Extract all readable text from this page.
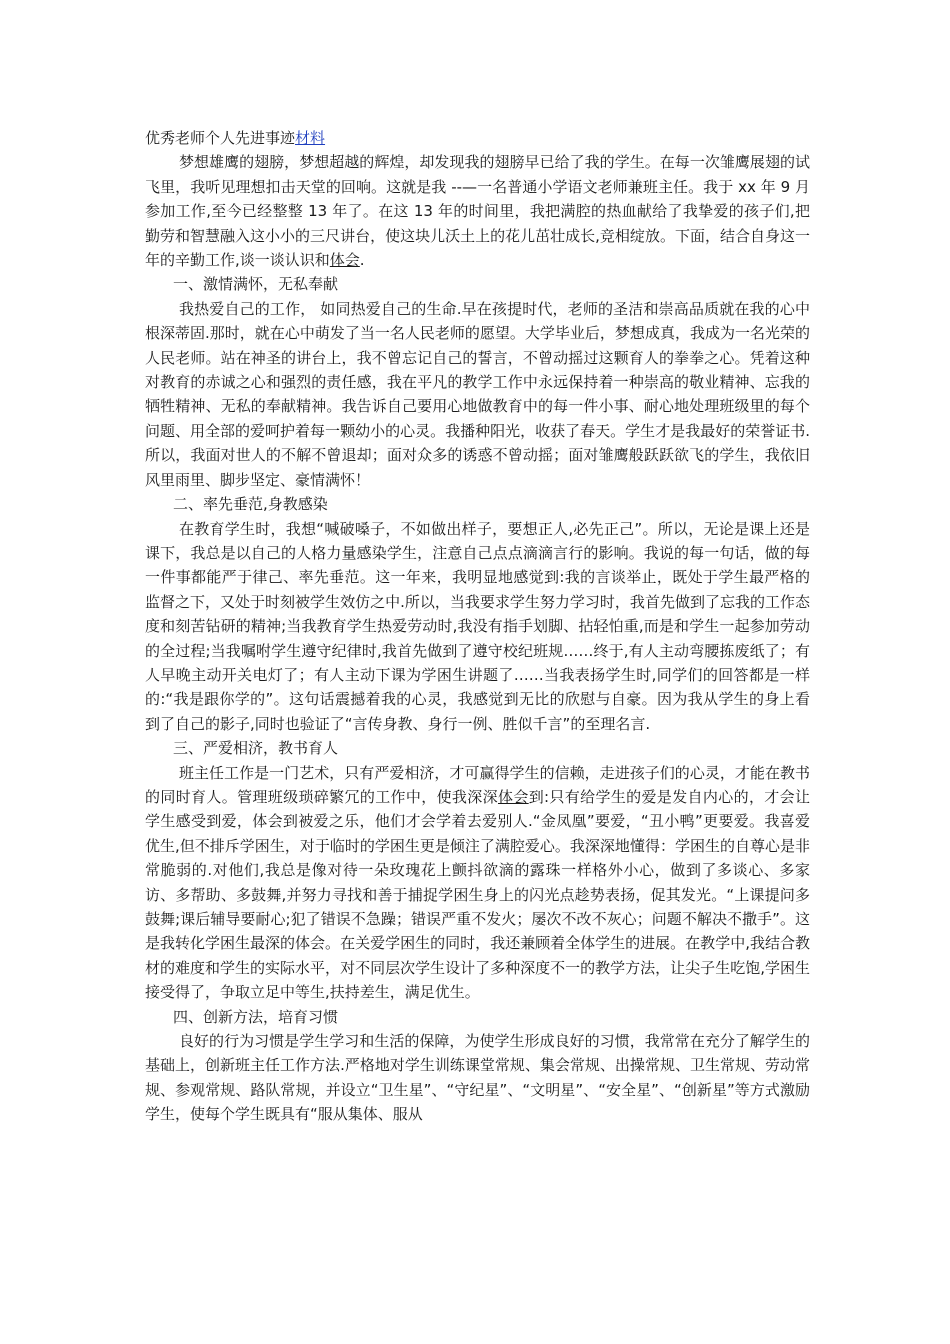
优秀老师个人先进事迹材料

梦想雄鹰的翅膀，梦想超越的辉煌，却发现我的翅膀早已给了我的学生。在每一次雏鹰展翅的试飞里，我听见理想扣击天堂的回响。这就是我 --—一名普通小学语文老师兼班主任。我于 xx 年 9 月参加工作,至今已经整整 13 年了。在这 13 年的时间里，我把满腔的热血献给了我挚爱的孩子们,把勤劳和智慧融入这小小的三尺讲台，使这块儿沃土上的花儿茁壮成长,竞相绽放。下面，结合自身这一年的辛勤工作,谈一谈认识和体会.

一、激情满怀，无私奉献

我热爱自己的工作， 如同热爱自己的生命.早在孩提时代，老师的圣洁和崇高品质就在我的心中根深蒂固.那时，就在心中萌发了当一名人民老师的愿望。大学毕业后，梦想成真，我成为一名光荣的人民老师。站在神圣的讲台上，我不曾忘记自己的誓言，不曾动摇过这颗育人的拳拳之心。凭着这种对教育的赤诚之心和强烈的责任感，我在平凡的教学工作中永远保持着一种崇高的敬业精神、忘我的牺牲精神、无私的奉献精神。我告诉自己要用心地做教育中的每一件小事、耐心地处理班级里的每个问题、用全部的爱呵护着每一颗幼小的心灵。我播种阳光，收获了春天。学生才是我最好的荣誉证书.所以，我面对世人的不解不曾退却；面对众多的诱惑不曾动摇；面对雏鹰般跃跃欲飞的学生，我依旧风里雨里、脚步坚定、豪情满怀！

二、率先垂范,身教感染

在教育学生时，我想“喊破嗓子，不如做出样子，要想正人,必先正己”。所以，无论是课上还是课下，我总是以自己的人格力量感染学生，注意自己点点滴滴言行的影响。我说的每一句话，做的每一件事都能严于律己、率先垂范。这一年来，我明显地感觉到:我的言谈举止，既处于学生最严格的监督之下，又处于时刻被学生效仿之中.所以，当我要求学生努力学习时，我首先做到了忘我的工作态度和刻苦钻研的精神;当我教育学生热爱劳动时,我没有指手划脚、拈轻怕重,而是和学生一起参加劳动的全过程;当我嘱咐学生遵守纪律时,我首先做到了遵守校纪班规……终于,有人主动弯腰拣废纸了；有人早晚主动开关电灯了；有人主动下课为学困生讲题了……当我表扬学生时,同学们的回答都是一样的:“我是跟你学的”。这句话震撼着我的心灵，我感觉到无比的欣慰与自豪。因为我从学生的身上看到了自己的影子,同时也验证了“言传身教、身行一例、胜似千言”的至理名言.

三、严爱相济，教书育人

班主任工作是一门艺术，只有严爱相济，才可赢得学生的信赖，走进孩子们的心灵，才能在教书的同时育人。管理班级琐碎繁冗的工作中，使我深深体会到:只有给学生的爱是发自内心的，才会让学生感受到爱，体会到被爱之乐，他们才会学着去爱别人.“金凤凰”要爱，“丑小鸭”更要爱。我喜爱优生,但不排斥学困生，对于临时的学困生更是倾注了满腔爱心。我深深地懂得：学困生的自尊心是非常脆弱的.对他们,我总是像对待一朵玫瑰花上颤抖欲滴的露珠一样格外小心，做到了多谈心、多家访、多帮助、多鼓舞,并努力寻找和善于捕捉学困生身上的闪光点趁势表扬，促其发光。“上课提问多鼓舞;课后辅导要耐心;犯了错误不急躁；错误严重不发火；屡次不改不灰心；问题不解决不撒手”。这是我转化学困生最深的体会。在关爱学困生的同时，我还兼顾着全体学生的进展。在教学中,我结合教材的难度和学生的实际水平，对不同层次学生设计了多种深度不一的教学方法，让尖子生吃饱,学困生接受得了，争取立足中等生,扶持差生，满足优生。

四、创新方法，培育习惯

良好的行为习惯是学生学习和生活的保障，为使学生形成良好的习惯，我常常在充分了解学生的基础上，创新班主任工作方法.严格地对学生训练课堂常规、集会常规、出操常规、卫生常规、劳动常规、参观常规、路队常规，并设立“卫生星”、“守纪星”、“文明星”、“安全星”、“创新星”等方式激励学生，使每个学生既具有“服从集体、服从
